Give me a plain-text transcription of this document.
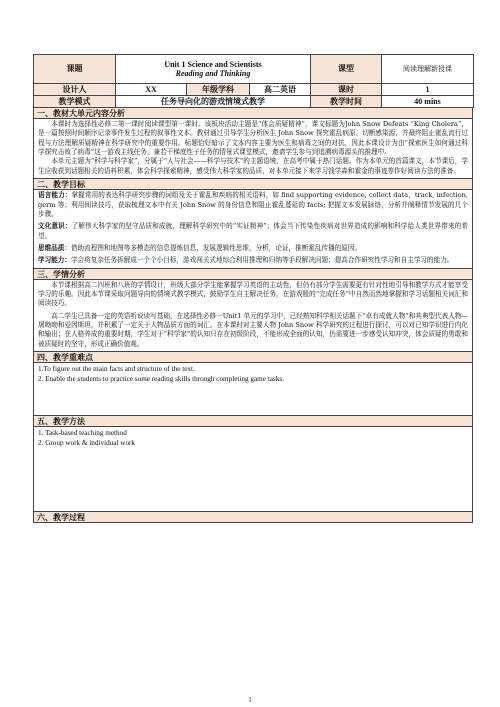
课题	Unit 1 Science and Scientists
Reading and Thinking			课型	阅读理解新授课
设计人	XX	年级学科	高二英语	课时	1
教学模式	任务导向化的游戏情境式教学			教学时间	40 mins
一、教材大单元内容分析

本课时为选择性必修二第一课时阅读课型第一课时。该板块活动主题是“体会质疑精神”，课文标题为John Snow Defeats “King Cholera”，是一篇按照时间顺序记录事件发生过程的叙事性文本。教材通过引导学生分析医生 John Snow 探究霍乱病原、切断感染源，并最终阻止霍乱流行过程与方法理解质疑精神在科学研究中的重要作用。标题恰好暗示了文本内容主要为医生和病毒之间的对抗，因此本课设计为由“探索医生如何通过科学探究击败了病毒”这一游戏主线任务，兼若干梯度性子任务的情景式课堂模式，邀请学生参与到追溯病毒源头的推理中。

本单元主题为“科学与科学家”，分属于“人与社会——科学与技术”的主题语境，在高考中属于热门话题。作为本单元的首篇课文，本节课后，学生应收获到话题相关的语料积累，体会科学探索精神，感受伟大科学家的品质，对本单元接下来学习钱学森和霍金的事迹等作好阅读方法的准备。

二、教学目标

语言能力：掌握常用的表达科学研究步骤的词组及关于霍乱和疾病的相关语料，如 find supporting evidence, collect data，track, infection, germ 等；利用阅读技巧，获取梳理文本中有关 John Snow 的身份信息和阻止霍乱蔓延的 facts; 把握文本发展脉络，分析并阐释情节发展的几个步骤。

文化意识：了解伟大科学家的坚守品质和成就，理解科学研究中的“实证精神”；体会当下传染性疾病对世界造成的影响和科学给人类世界带来的希望。

思维品质：借助流程图和地图等多模态的信息提炼信息，发展逻辑性思维，分析，论证，推断霍乱传播的原因。

学习能力：学会将复杂任务拆解成一个个小目标，游戏闯关式地综合利用推理和归纳等手段解决问题；提高合作研究性学习和自主学习的能力。

三、学情分析

本节课根据高二四班和八班的学情设计，班级大部分学生能掌握学习英语的主动性，但仍有部分学生需要更有针对性地引导和教学方式才能享受学习的乐趣。因此本节课采取问题导向的情境式教学模式，鼓励学生自主解决任务，在游戏般的“完成任务”中自然而然地掌握和学习话题相关词汇和阅读技巧。

高二学生已具备一定的英语听说读写基础，在选择性必修一Unit1 单元的学习中，已经熟知科学相关话题下“卓有成就人物”和其典型代表人物—屠呦呦和爱因斯坦，并积累了一定关于人物品质方面的词汇。在本课时对主要人物 John Snow 科学研究的过程进行探讨，可以对已知学识进行内化和输出；在人格养成的重要时期，学生对于“科学家”的认知只存在初级阶段，不能形成全面的认知，仍需要进一步感受认知冲突，体会质疑的勇敢和被质疑时的坚守，形成正确价值观。

四、教学重难点

1.To figure out the main facts and structure of the text.

2. Enable the students to practice some reading skills through completing game tasks.

五、教学方法

1. Task-based teaching method

2. Group work & individual work

六、教学过程
1
